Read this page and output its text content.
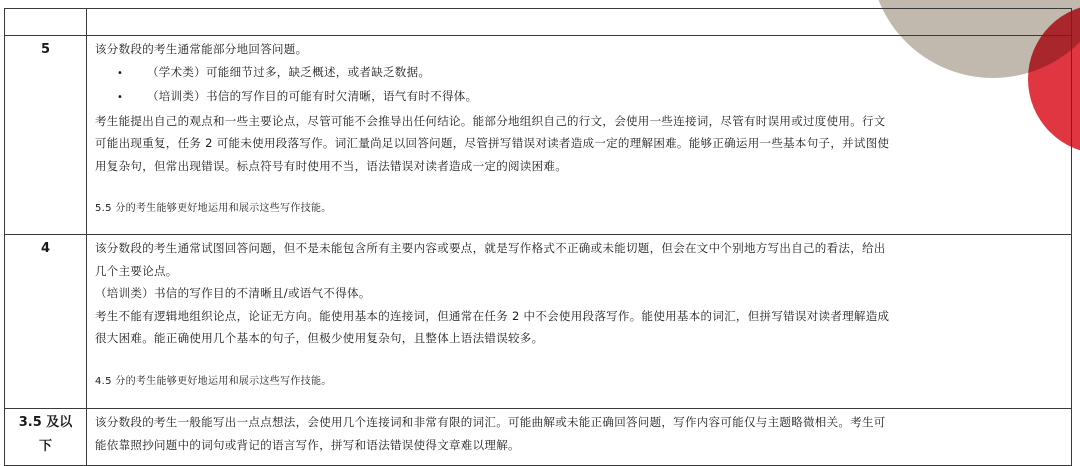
5	该分数段的考生通常能部分地回答问题。
• （学术类）可能细节过多，缺乏概述，或者缺乏数据。
• （培训类）书信的写作目的可能有时欠清晰，语气有时不得体。
考生能提出自己的观点和一些主要论点，尽管可能不会推导出任何结论。能部分地组织自己的行文，会使用一些连接词，尽管有时误用或过度使用。行文
可能出现重复，任务 2 可能未使用段落写作。词汇量尚足以回答问题，尽管拼写错误对读者造成一定的理解困难。能够正确运用一些基本句子，并试图使
用复杂句，但常出现错误。标点符号有时使用不当，语法错误对读者造成一定的阅读困难。
5.5 分的考生能够更好地运用和展示这些写作技能。

4	该分数段的考生通常试图回答问题，但不是未能包含所有主要内容或要点，就是写作格式不正确或未能切题，但会在文中个别地方写出自己的看法，给出
几个主要论点。
（培训类）书信的写作目的不清晰且/或语气不得体。
考生不能有逻辑地组织论点，论证无方向。能使用基本的连接词，但通常在任务 2 中不会使用段落写作。能使用基本的词汇，但拼写错误对读者理解造成
很大困难。能正确使用几个基本的句子，但极少使用复杂句，且整体上语法错误较多。
4.5 分的考生能够更好地运用和展示这些写作技能。

3.5 及以
下	该分数段的考生一般能写出一点点想法，会使用几个连接词和非常有限的词汇。可能曲解或未能正确回答问题，写作内容可能仅与主题略微相关。考生可
能依靠照抄问题中的词句或背记的语言写作，拼写和语法错误使得文章难以理解。
